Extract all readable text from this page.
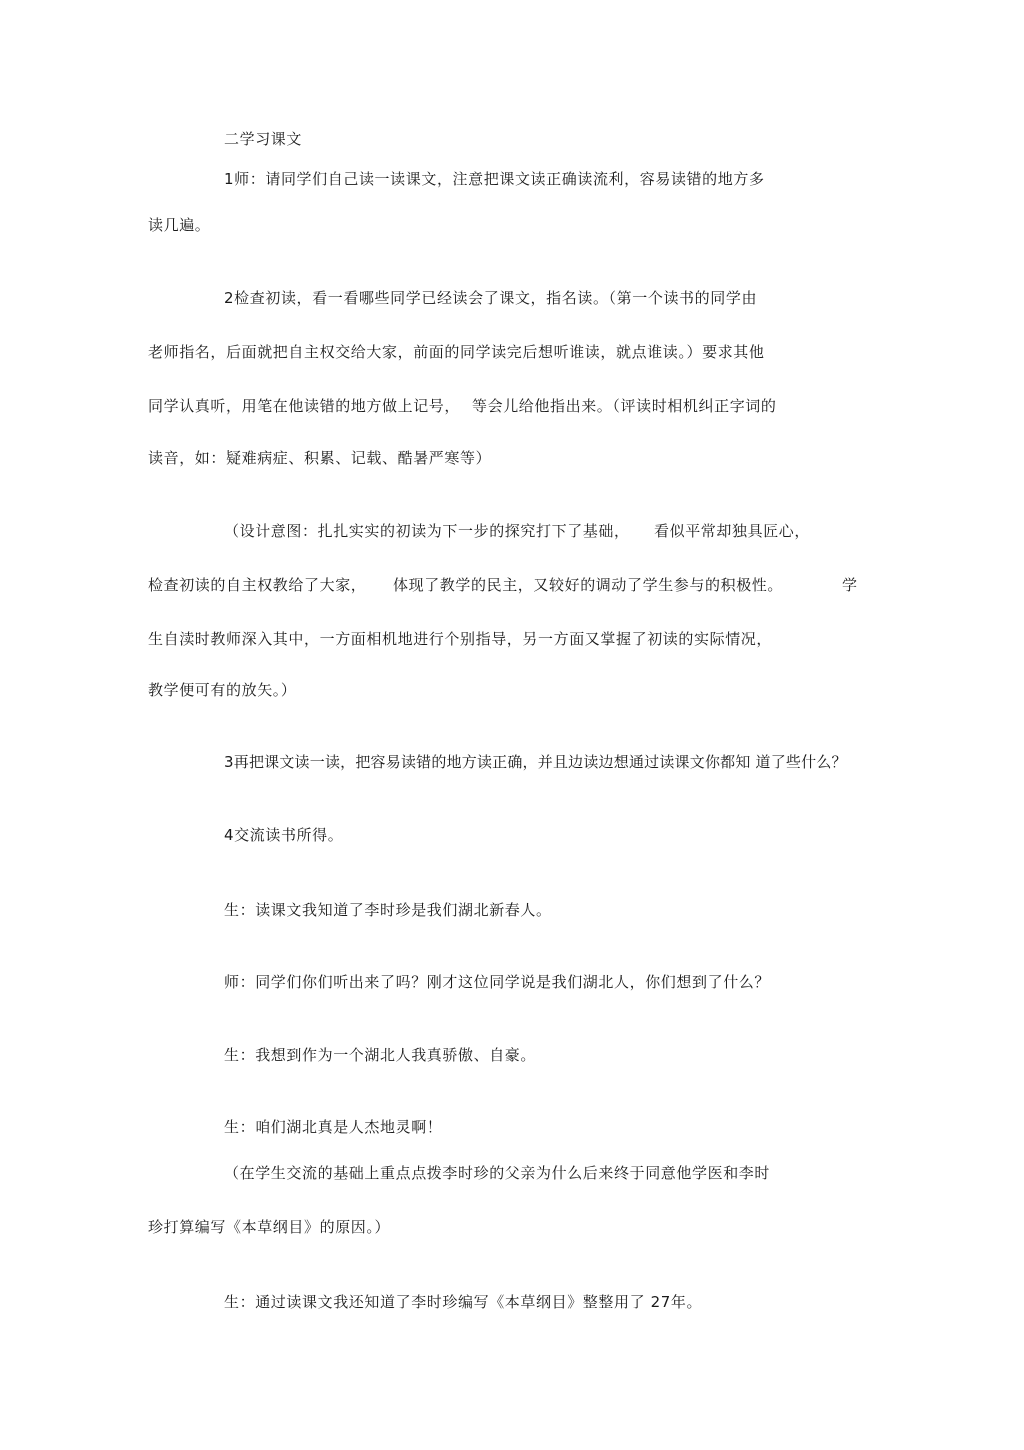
二学习课文
1师：请同学们自己读一读课文，注意把课文读正确读流利，容易读错的地方多
读几遍。
2检查初读，看一看哪些同学已经读会了课文，指名读。（第一个读书的同学由
老师指名，后面就把自主权交给大家，前面的同学读完后想听谁读，就点谁读。）要求其他
同学认真听，用笔在他读错的地方做上记号， 等会儿给他指出来。（评读时相机纠正字词的
读音，如：疑难病症、积累、记载、酷暑严寒等）
（设计意图：扎扎实实的初读为下一步的探究打下了基础， 看似平常却独具匠心，
检查初读的自主权教给了大家， 体现了教学的民主，又较好的调动了学生参与的积极性。	学
生自渎时教师深入其中，一方面相机地进行个别指导，另一方面又掌握了初读的实际情况，
教学便可有的放矢。）
3再把课文读一读，把容易读错的地方读正确，并且边读边想通过读课文你都知 道了些什么？
4交流读书所得。
生：读课文我知道了李时珍是我们湖北新春人。
师：同学们你们听出来了吗？刚才这位同学说是我们湖北人，你们想到了什么？
生：我想到作为一个湖北人我真骄傲、自豪。
生：咱们湖北真是人杰地灵啊！
（在学生交流的基础上重点点拨李时珍的父亲为什么后来终于同意他学医和李时
珍打算编写《本草纲目》的原因。）
生：通过读课文我还知道了李时珍编写《本草纲目》整整用了 27年。
